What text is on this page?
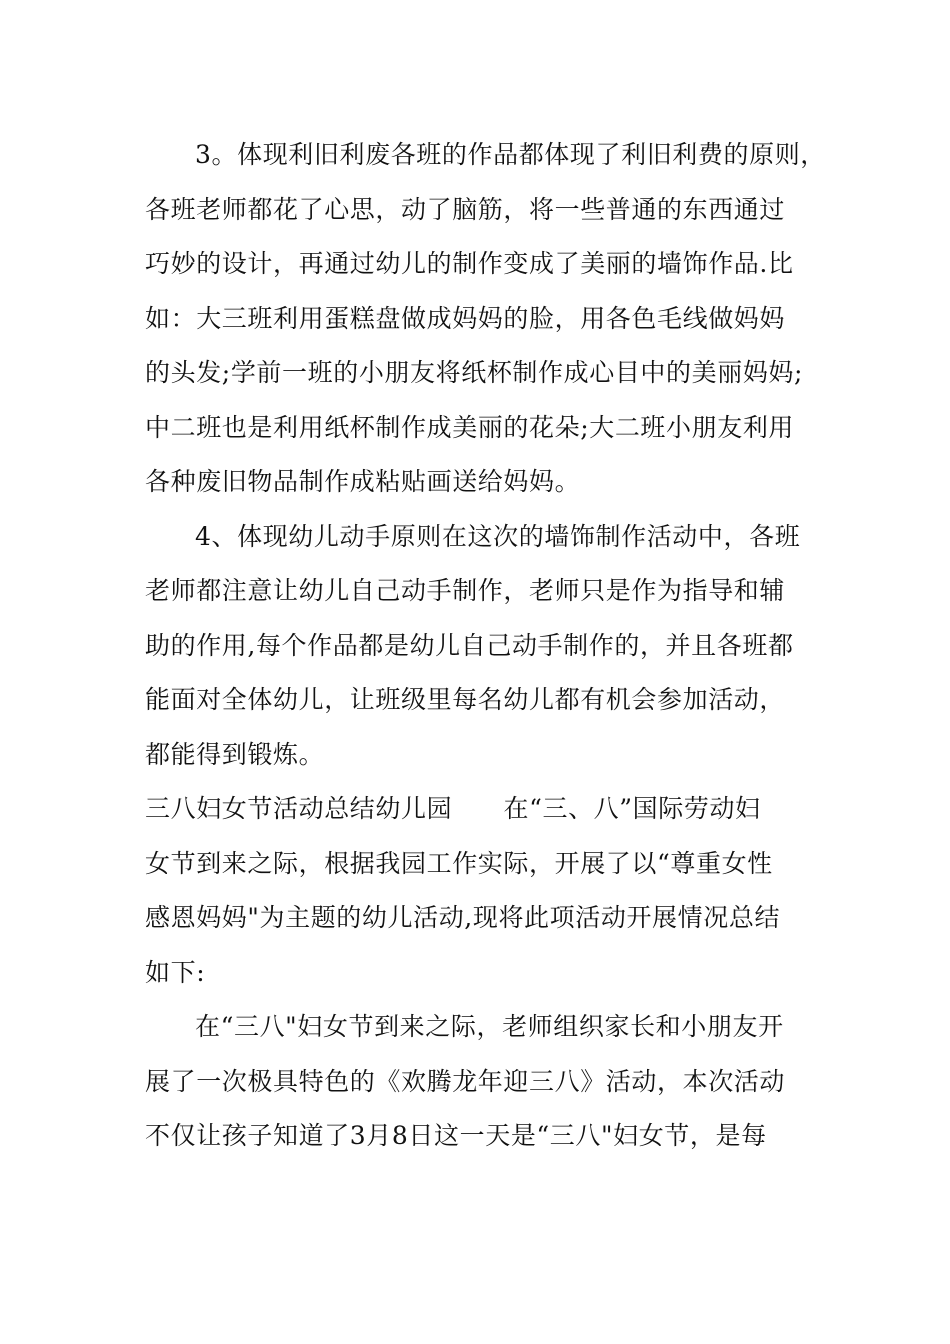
3。体现利旧利废各班的作品都体现了利旧利费的原则，
各班老师都花了心思，动了脑筋，将一些普通的东西通过
巧妙的设计，再通过幼儿的制作变成了美丽的墙饰作品.比
如：大三班利用蛋糕盘做成妈妈的脸，用各色毛线做妈妈
的头发;学前一班的小朋友将纸杯制作成心目中的美丽妈妈;
中二班也是利用纸杯制作成美丽的花朵;大二班小朋友利用
各种废旧物品制作成粘贴画送给妈妈。
4、体现幼儿动手原则在这次的墙饰制作活动中，各班
老师都注意让幼儿自己动手制作，老师只是作为指导和辅
助的作用,每个作品都是幼儿自己动手制作的，并且各班都
能面对全体幼儿，让班级里每名幼儿都有机会参加活动，
都能得到锻炼。
三八妇女节活动总结幼儿园      在“三、八”国际劳动妇
女节到来之际，根据我园工作实际，开展了以“尊重女性
感恩妈妈"为主题的幼儿活动,现将此项活动开展情况总结
如下:
在“三八"妇女节到来之际，老师组织家长和小朋友开
展了一次极具特色的《欢腾龙年迎三八》活动，本次活动
不仅让孩子知道了3月8日这一天是“三八"妇女节，是每
